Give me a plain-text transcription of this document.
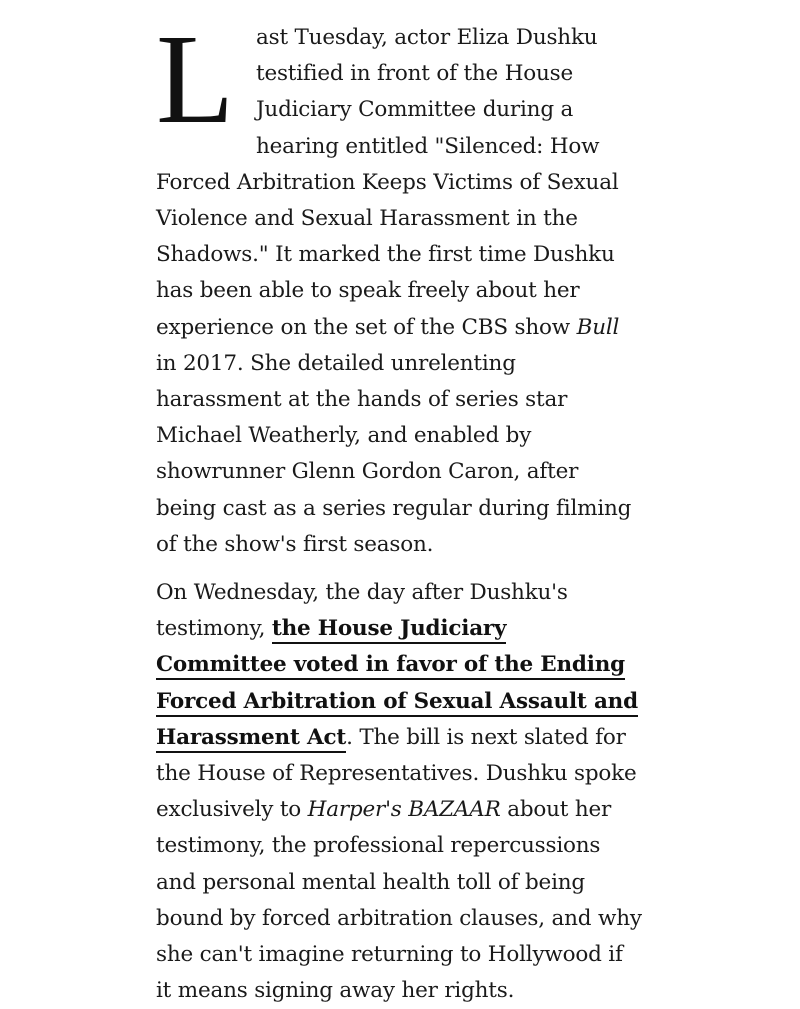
L ast Tuesday, actor Eliza Dushku testified in front of the House Judiciary Committee during a hearing entitled "Silenced: How Forced Arbitration Keeps Victims of Sexual Violence and Sexual Harassment in the Shadows." It marked the first time Dushku has been able to speak freely about her experience on the set of the CBS show Bull in 2017. She detailed unrelenting harassment at the hands of series star Michael Weatherly, and enabled by showrunner Glenn Gordon Caron, after being cast as a series regular during filming of the show's first season.

On Wednesday, the day after Dushku's testimony, the House Judiciary Committee voted in favor of the Ending Forced Arbitration of Sexual Assault and Harassment Act. The bill is next slated for the House of Representatives. Dushku spoke exclusively to Harper's BAZAAR about her testimony, the professional repercussions and personal mental health toll of being bound by forced arbitration clauses, and why she can't imagine returning to Hollywood if it means signing away her rights.
